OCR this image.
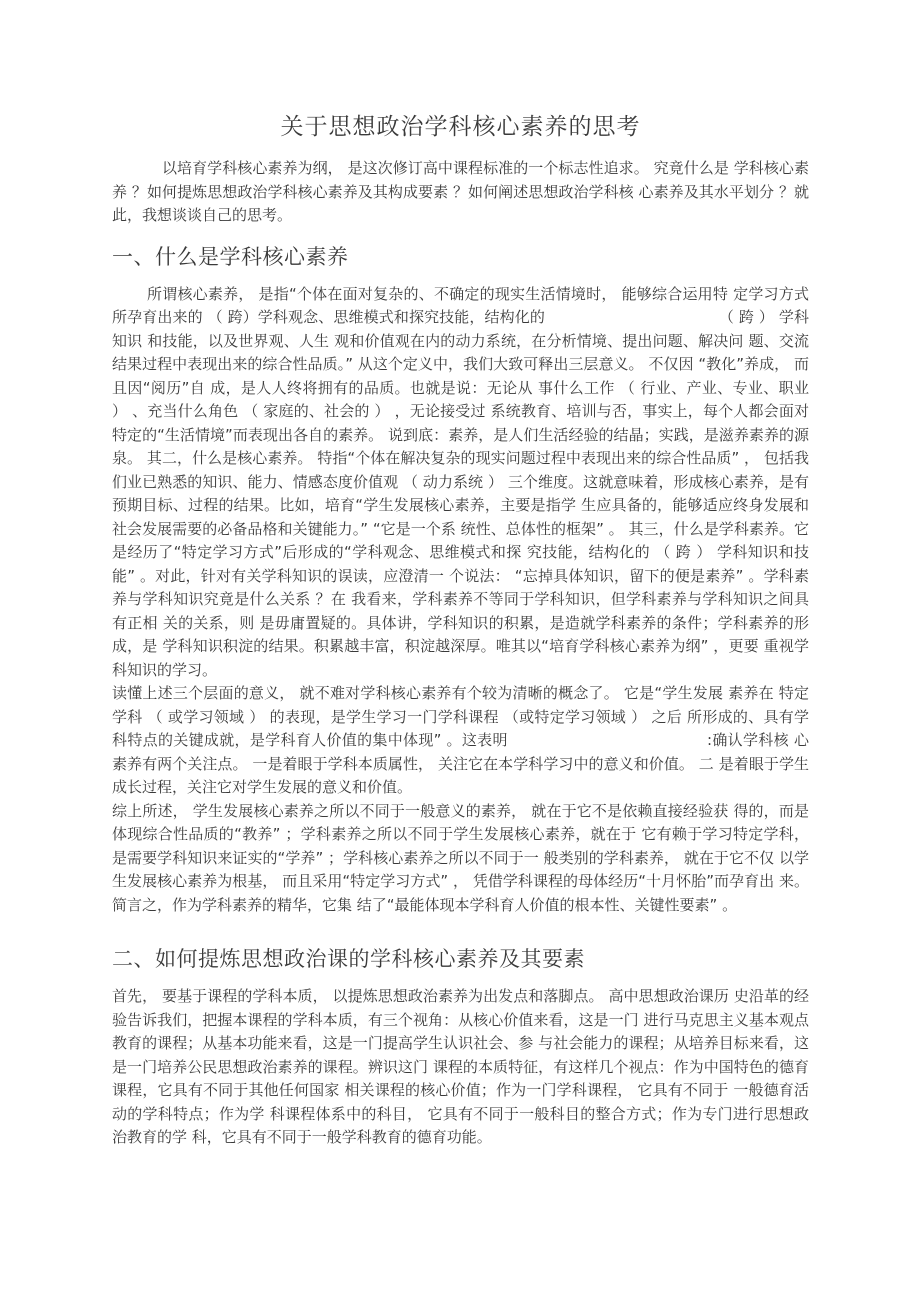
关于思想政治学科核心素养的思考

以培育学科核心素养为纲， 是这次修订高中课程标准的一个标志性追求。 究竟什么是 学科核心素养 ？如何提炼思想政治学科核心素养及其构成要素 ？如何阐述思想政治学科核 心素养及其水平划分 ？就此，我想谈谈自己的思考。

一、什么是学科核心素养

所谓核心素养， 是指“个体在面对复杂的、不确定的现实生活情境时， 能够综合运用特 定学习方式所孕育出来的 （ 跨）学科观念、思维模式和探究技能，结构化的　　　　　　　　　　　　（ 跨 ） 学科知识 和技能，以及世界观、人生 观和价值观在内的动力系统，在分析情境、提出问题、解决问 题、交流结果过程中表现出来的综合性品质。” 从这个定义中，我们大致可释出三层意义。 不仅因 “教化”养成， 而且因“阅历”自 成，是人人终将拥有的品质。也就是说：无论从 事什么工作 （ 行业、产业、专业、职业 ） 、充当什么角色 （ 家庭的、社会的 ） ，无论接受过 系统教育、培训与否，事实上，每个人都会面对特定的“生活情境”而表现出各自的素养。 说到底：素养，是人们生活经验的结晶；实践，是滋养素养的源泉。 其二，什么是核心素养。 特指“个体在解决复杂的现实问题过程中表现出来的综合性品质” ， 包括我们业已熟悉的知识、能力、情感态度价值观 （ 动力系统 ） 三个维度。这就意味着，形成核心素养，是有预期目标、过程的结果。比如，培育“学生发展核心素养，主要是指学 生应具备的，能够适应终身发展和 社会发展需要的必备品格和关键能力。” “它是一个系 统性、总体性的框架” 。 其三，什么是学科素养。它是经历了“特定学习方式”后形成的“学科观念、思维模式和探 究技能，结构化的 （ 跨 ） 学科知识和技能” 。对此，针对有关学科知识的误读，应澄清一 个说法： “忘掉具体知识，留下的便是素养” 。学科素养与学科知识究竟是什么关系 ？在 我看来，学科素养不等同于学科知识，但学科素养与学科知识之间具有正相 关的关系，则 是毋庸置疑的。具体讲，学科知识的积累，是造就学科素养的条件；学科素养的形成，是 学科知识积淀的结果。积累越丰富，积淀越深厚。唯其以“培育学科核心素养为纲” ，更要 重视学科知识的学习。

读懂上述三个层面的意义， 就不难对学科核心素养有个较为清晰的概念了。 它是“学生发展 素养在 特定学科 （ 或学习领域 ） 的表现，是学生学习一门学科课程 （或特定学习领域 ） 之后 所形成的、具有学科特点的关键成就，是学科育人价值的集中体现” 。这表明　　　　　　　　　　　　　:确认学科核 心素养有两个关注点。 一是着眼于学科本质属性， 关注它在本学科学习中的意义和价值。 二 是着眼于学生成长过程，关注它对学生发展的意义和价值。

综上所述， 学生发展核心素养之所以不同于一般意义的素养， 就在于它不是依赖直接经验获 得的，而是体现综合性品质的“教养” ；学科素养之所以不同于学生发展核心素养，就在于 它有赖于学习特定学科，是需要学科知识来证实的“学养” ；学科核心素养之所以不同于一 般类别的学科素养， 就在于它不仅 以学生发展核心素养为根基， 而且采用“特定学习方式” ， 凭借学科课程的母体经历“十月怀胎”而孕育出 来。简言之，作为学科素养的精华，它集 结了“最能体现本学科育人价值的根本性、关键性要素” 。

二、如何提炼思想政治课的学科核心素养及其要素

首先， 要基于课程的学科本质， 以提炼思想政治素养为出发点和落脚点。 高中思想政治课历 史沿革的经验告诉我们，把握本课程的学科本质，有三个视角：从核心价值来看，这是一门 进行马克思主义基本观点教育的课程；从基本功能来看，这是一门提高学生认识社会、参 与社会能力的课程；从培养目标来看，这是一门培养公民思想政治素养的课程。辨识这门 课程的本质特征，有这样几个视点：作为中国特色的德育课程，它具有不同于其他任何国家 相关课程的核心价值；作为一门学科课程， 它具有不同于 一般德育活动的学科特点；作为学 科课程体系中的科目， 它具有不同于一般科目的整合方式；作为专门进行思想政治教育的学 科，它具有不同于一般学科教育的德育功能。
